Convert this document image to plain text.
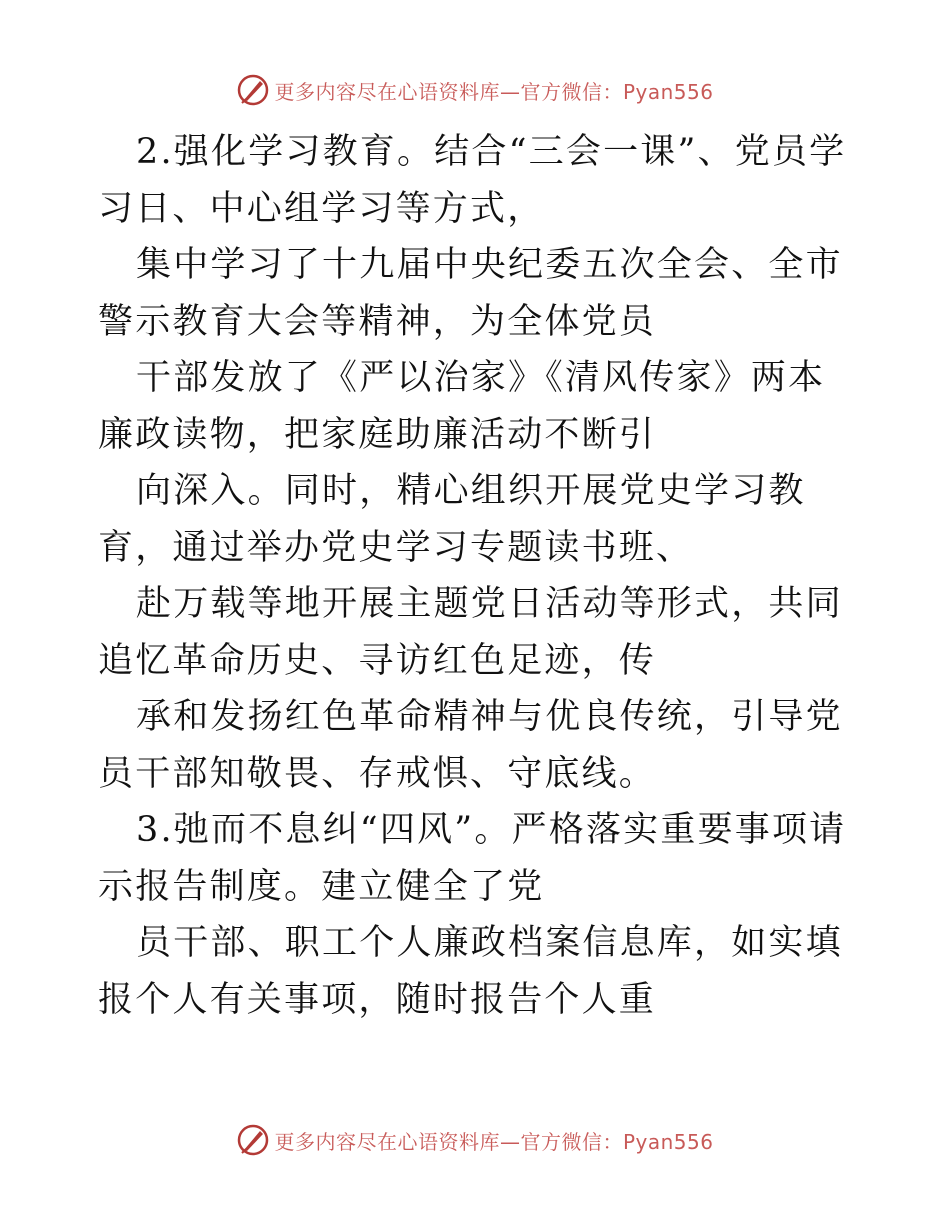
更多内容尽在心语资料库—官方微信：Pyan556

2.强化学习教育。结合“三会一课”、党员学习日、中心组学习等方式，

集中学习了十九届中央纪委五次全会、全市警示教育大会等精神，为全体党员

干部发放了《严以治家》《清风传家》两本廉政读物，把家庭助廉活动不断引

向深入。同时，精心组织开展党史学习教育，通过举办党史学习专题读书班、

赴万载等地开展主题党日活动等形式，共同追忆革命历史、寻访红色足迹，传

承和发扬红色革命精神与优良传统，引导党员干部知敬畏、存戒惧、守底线。

3.弛而不息纠“四风”。严格落实重要事项请示报告制度。建立健全了党

员干部、职工个人廉政档案信息库，如实填报个人有关事项，随时报告个人重

更多内容尽在心语资料库—官方微信：Pyan556
